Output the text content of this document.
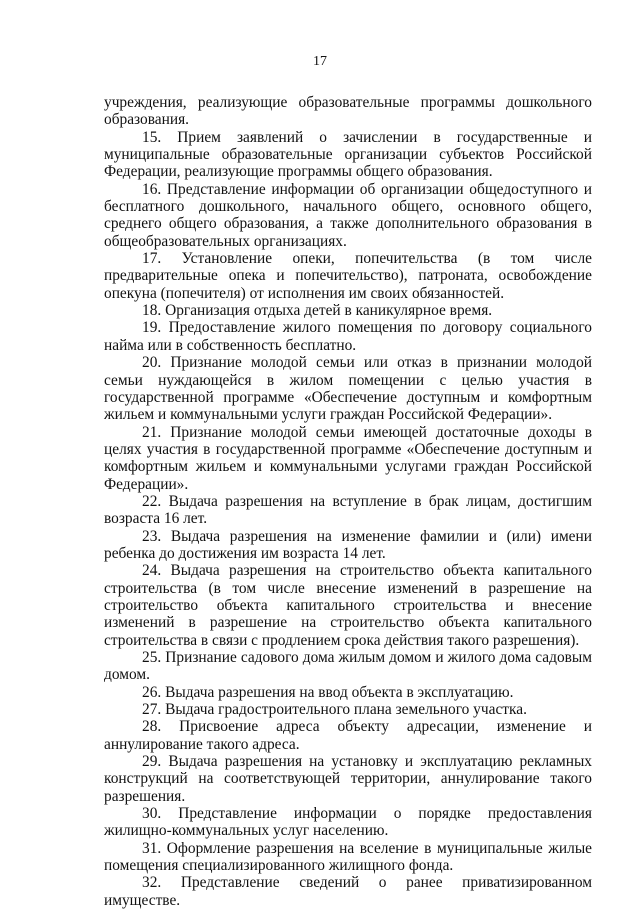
17

учреждения, реализующие образовательные программы дошкольного образования.

15. Прием заявлений о зачислении в государственные и муниципальные образовательные организации субъектов Российской Федерации, реализующие программы общего образования.

16. Представление информации об организации общедоступного и бесплатного дошкольного, начального общего, основного общего, среднего общего образования, а также дополнительного образования в общеобразовательных организациях.

17. Установление опеки, попечительства (в том числе предварительные опека и попечительство), патроната, освобождение опекуна (попечителя) от исполнения им своих обязанностей.

18. Организация отдыха детей в каникулярное время.

19. Предоставление жилого помещения по договору социального найма или в собственность бесплатно.

20. Признание молодой семьи или отказ в признании молодой семьи нуждающейся в жилом помещении с целью участия в государственной программе «Обеспечение доступным и комфортным жильем и коммунальными услуги граждан Российской Федерации».

21. Признание молодой семьи имеющей достаточные доходы в целях участия в государственной программе «Обеспечение доступным и комфортным жильем и коммунальными услугами граждан Российской Федерации».

22. Выдача разрешения на вступление в брак лицам, достигшим возраста 16 лет.

23. Выдача разрешения на изменение фамилии и (или) имени ребенка до достижения им возраста 14 лет.

24. Выдача разрешения на строительство объекта капитального строительства (в том числе внесение изменений в разрешение на строительство объекта капитального строительства и внесение изменений в разрешение на строительство объекта капитального строительства в связи с продлением срока действия такого разрешения).

25. Признание садового дома жилым домом и жилого дома садовым домом.

26. Выдача разрешения на ввод объекта в эксплуатацию.

27. Выдача градостроительного плана земельного участка.

28. Присвоение адреса объекту адресации, изменение и аннулирование такого адреса.

29. Выдача разрешения на установку и эксплуатацию рекламных конструкций на соответствующей территории, аннулирование такого разрешения.

30. Представление информации о порядке предоставления жилищно-коммунальных услуг населению.

31. Оформление разрешения на вселение в муниципальные жилые помещения специализированного жилищного фонда.

32. Представление сведений о ранее приватизированном имуществе.
